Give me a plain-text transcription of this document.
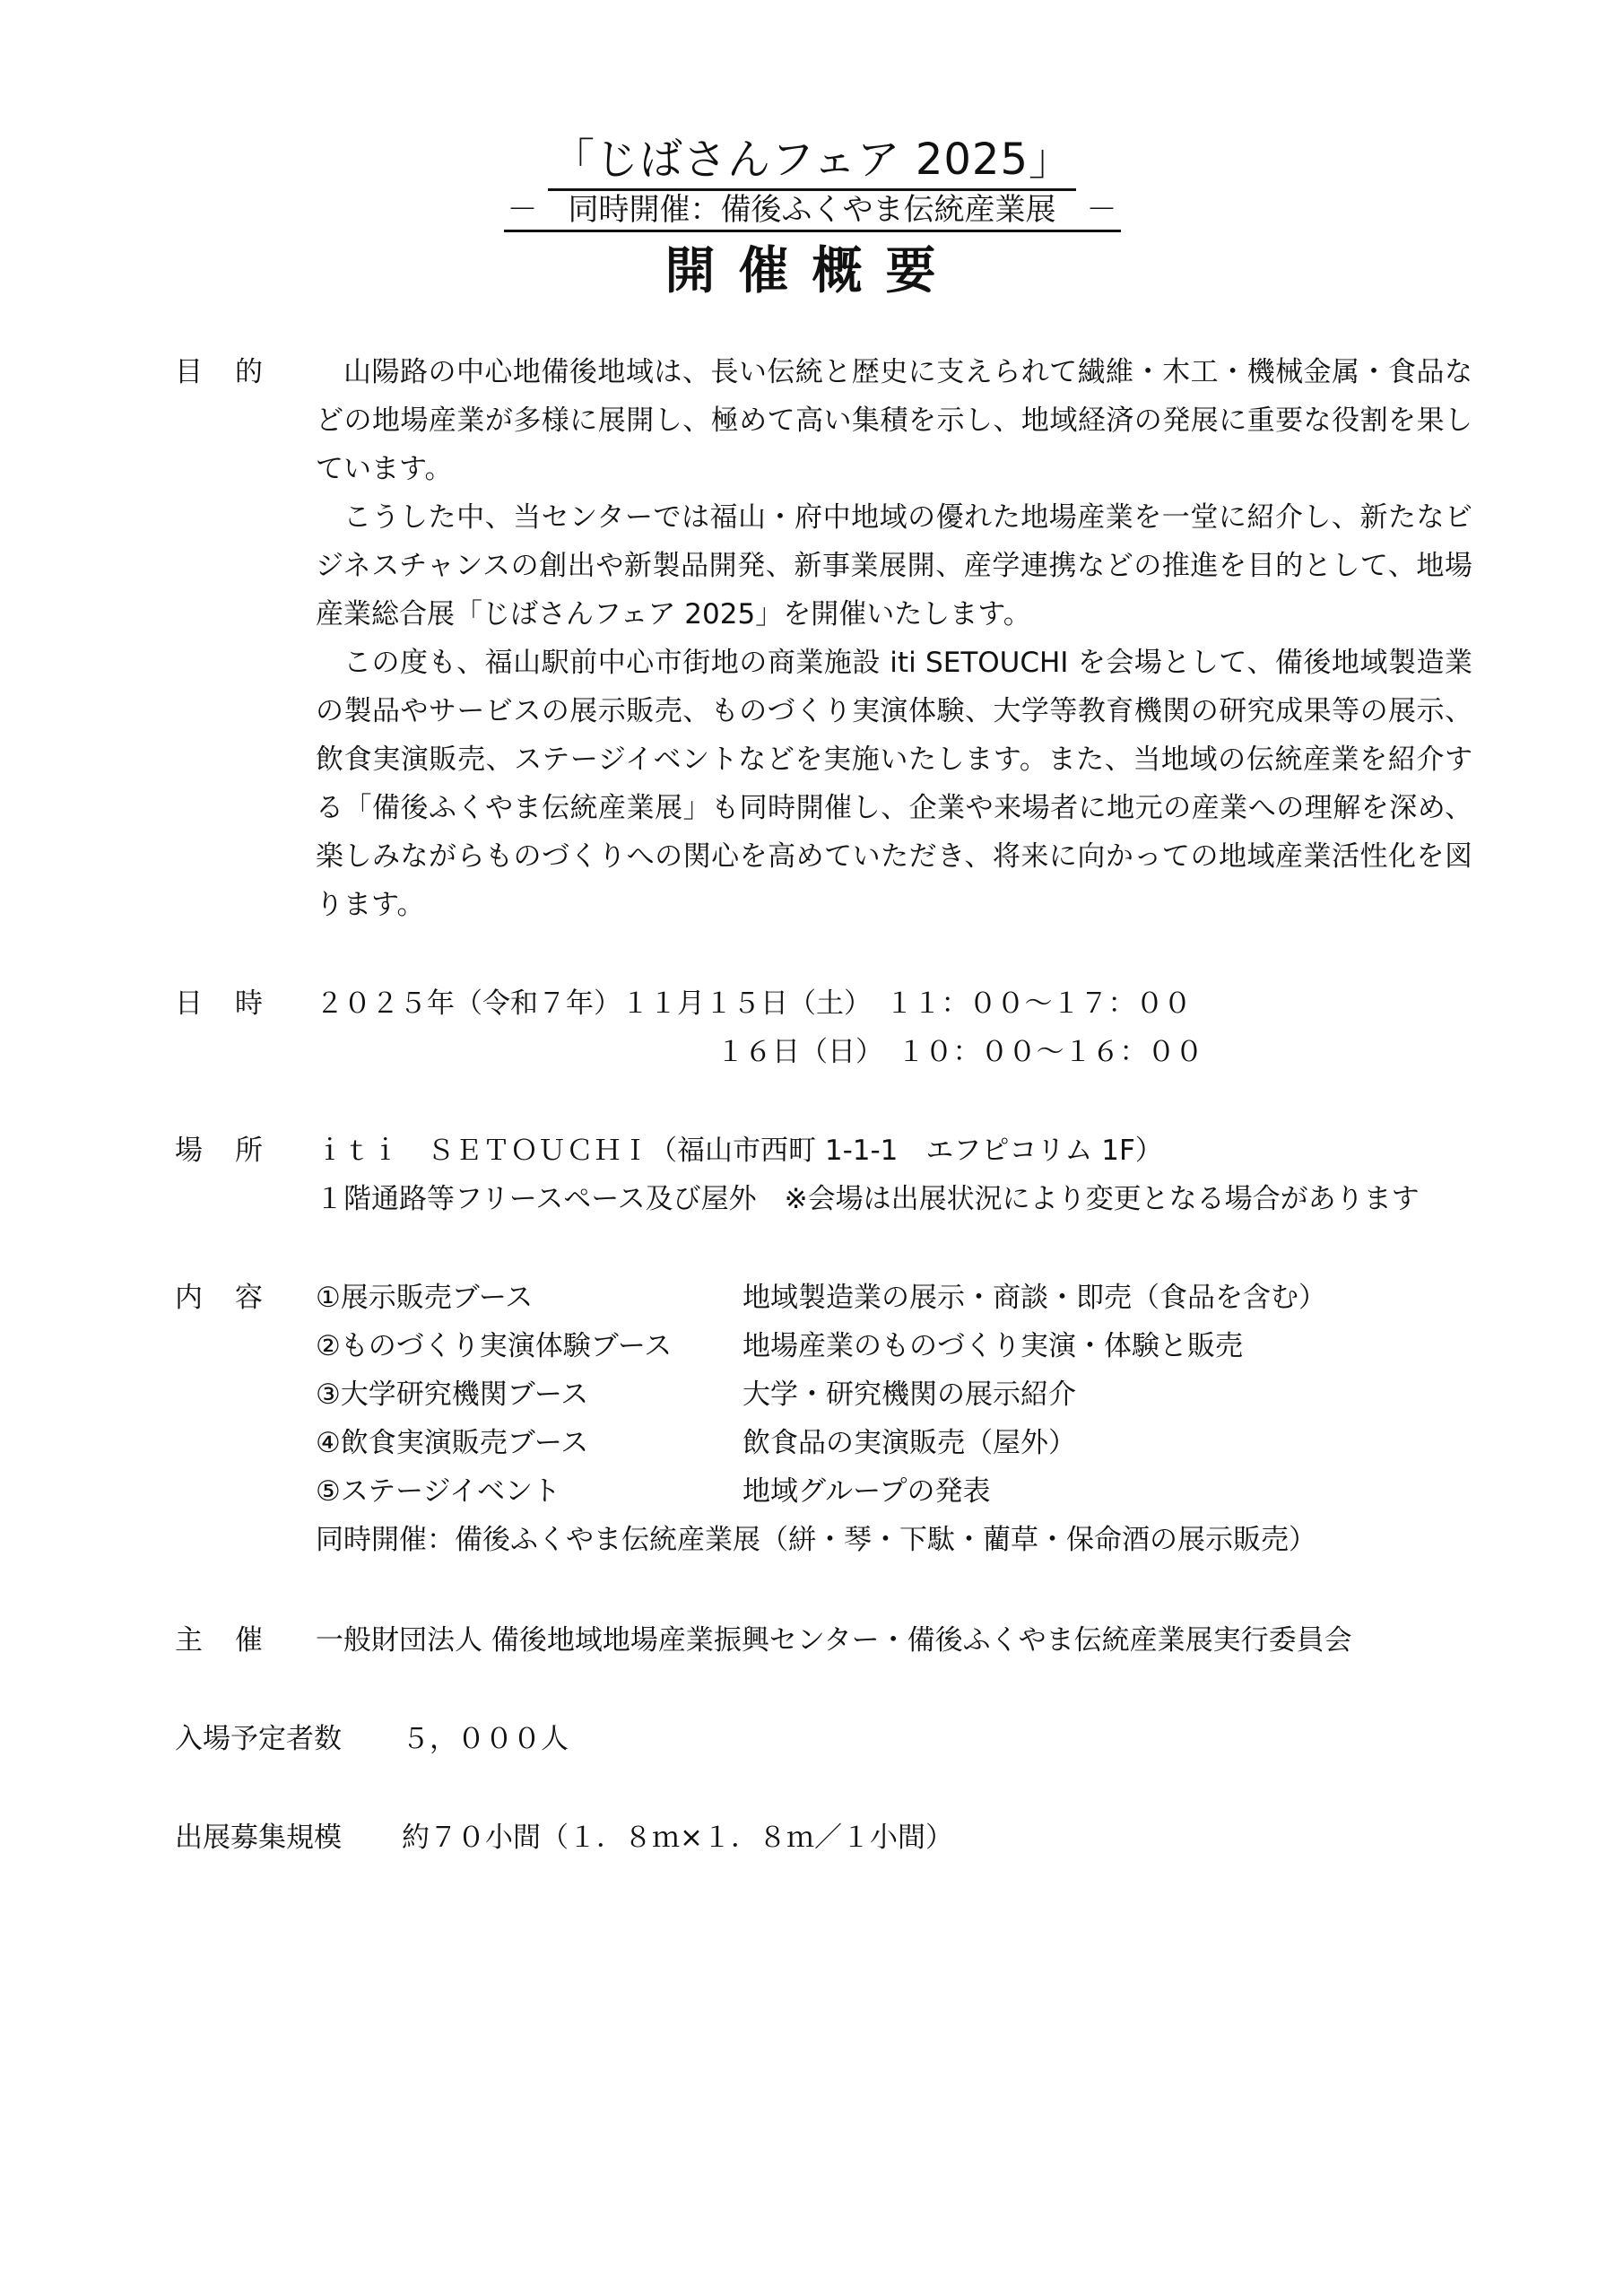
「じばさんフェア 2025」
－　同時開催：備後ふくやま伝統産業展　－
開催概要
目的	山陽路の中心地備後地域は、長い伝統と歴史に支えられて繊維・木工・機械金属・食品などの地場産業が多様に展開し、極めて高い集積を示し、地域経済の発展に重要な役割を果しています。

こうした中、当センターでは福山・府中地域の優れた地場産業を一堂に紹介し、新たなビジネスチャンスの創出や新製品開発、新事業展開、産学連携などの推進を目的として、地場産業総合展「じばさんフェア 2025」を開催いたします。

この度も、福山駅前中心市街地の商業施設 iti SETOUCHI を会場として、備後地域製造業の製品やサービスの展示販売、ものづくり実演体験、大学等教育機関の研究成果等の展示、飲食実演販売、ステージイベントなどを実施いたします。また、当地域の伝統産業を紹介する「備後ふくやま伝統産業展」も同時開催し、企業や来場者に地元の産業への理解を深め、楽しみながらものづくりへの関心を高めていただき、将来に向かっての地域産業活性化を図ります。

日時 ２０２５年（令和７年）１１月１５日（土）　１１：００～１７：００
１６日（日）　１０：００～１６：００
場所 ｉｔｉ　ＳＥＴＯＵＣＨＩ（福山市西町 1-1-1　エフピコリム 1F）
１階通路等フリースペース及び屋外　※会場は出展状況により変更となる場合があります
内容 ①展示販売ブース	地域製造業の展示・商談・即売（食品を含む）
②ものづくり実演体験ブース	地場産業のものづくり実演・体験と販売
③大学研究機関ブース	大学・研究機関の展示紹介
④飲食実演販売ブース	飲食品の実演販売（屋外）
⑤ステージイベント	地域グループの発表
同時開催：備後ふくやま伝統産業展（絣・琴・下駄・藺草・保命酒の展示販売）
主催 一般財団法人 備後地域地場産業振興センター・備後ふくやま伝統産業展実行委員会
入場予定者数 ５，０００人
出展募集規模 約７０小間（１．８ｍ×１．８ｍ／１小間）
